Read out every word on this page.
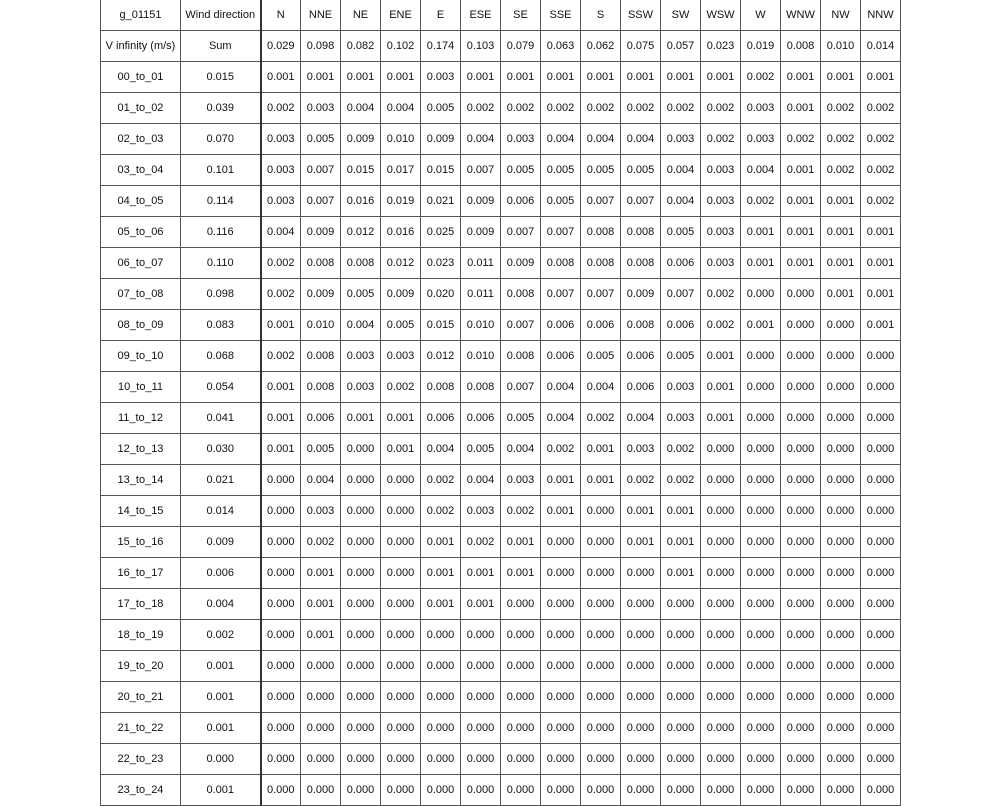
g_01151	Wind direction	N	NNE	NE	ENE	E	ESE	SE	SSE	S	SSW	SW	WSW	W	WNW	NW	NNW
V infinity (m/s)	Sum	0.029	0.098	0.082	0.102	0.174	0.103	0.079	0.063	0.062	0.075	0.057	0.023	0.019	0.008	0.010	0.014
00_to_01	0.015	0.001	0.001	0.001	0.001	0.003	0.001	0.001	0.001	0.001	0.001	0.001	0.001	0.002	0.001	0.001	0.001
01_to_02	0.039	0.002	0.003	0.004	0.004	0.005	0.002	0.002	0.002	0.002	0.002	0.002	0.002	0.003	0.001	0.002	0.002
02_to_03	0.070	0.003	0.005	0.009	0.010	0.009	0.004	0.003	0.004	0.004	0.004	0.003	0.002	0.003	0.002	0.002	0.002
03_to_04	0.101	0.003	0.007	0.015	0.017	0.015	0.007	0.005	0.005	0.005	0.005	0.004	0.003	0.004	0.001	0.002	0.002
04_to_05	0.114	0.003	0.007	0.016	0.019	0.021	0.009	0.006	0.005	0.007	0.007	0.004	0.003	0.002	0.001	0.001	0.002
05_to_06	0.116	0.004	0.009	0.012	0.016	0.025	0.009	0.007	0.007	0.008	0.008	0.005	0.003	0.001	0.001	0.001	0.001
06_to_07	0.110	0.002	0.008	0.008	0.012	0.023	0.011	0.009	0.008	0.008	0.008	0.006	0.003	0.001	0.001	0.001	0.001
07_to_08	0.098	0.002	0.009	0.005	0.009	0.020	0.011	0.008	0.007	0.007	0.009	0.007	0.002	0.000	0.000	0.001	0.001
08_to_09	0.083	0.001	0.010	0.004	0.005	0.015	0.010	0.007	0.006	0.006	0.008	0.006	0.002	0.001	0.000	0.000	0.001
09_to_10	0.068	0.002	0.008	0.003	0.003	0.012	0.010	0.008	0.006	0.005	0.006	0.005	0.001	0.000	0.000	0.000	0.000
10_to_11	0.054	0.001	0.008	0.003	0.002	0.008	0.008	0.007	0.004	0.004	0.006	0.003	0.001	0.000	0.000	0.000	0.000
11_to_12	0.041	0.001	0.006	0.001	0.001	0.006	0.006	0.005	0.004	0.002	0.004	0.003	0.001	0.000	0.000	0.000	0.000
12_to_13	0.030	0.001	0.005	0.000	0.001	0.004	0.005	0.004	0.002	0.001	0.003	0.002	0.000	0.000	0.000	0.000	0.000
13_to_14	0.021	0.000	0.004	0.000	0.000	0.002	0.004	0.003	0.001	0.001	0.002	0.002	0.000	0.000	0.000	0.000	0.000
14_to_15	0.014	0.000	0.003	0.000	0.000	0.002	0.003	0.002	0.001	0.000	0.001	0.001	0.000	0.000	0.000	0.000	0.000
15_to_16	0.009	0.000	0.002	0.000	0.000	0.001	0.002	0.001	0.000	0.000	0.001	0.001	0.000	0.000	0.000	0.000	0.000
16_to_17	0.006	0.000	0.001	0.000	0.000	0.001	0.001	0.001	0.000	0.000	0.000	0.001	0.000	0.000	0.000	0.000	0.000
17_to_18	0.004	0.000	0.001	0.000	0.000	0.001	0.001	0.000	0.000	0.000	0.000	0.000	0.000	0.000	0.000	0.000	0.000
18_to_19	0.002	0.000	0.001	0.000	0.000	0.000	0.000	0.000	0.000	0.000	0.000	0.000	0.000	0.000	0.000	0.000	0.000
19_to_20	0.001	0.000	0.000	0.000	0.000	0.000	0.000	0.000	0.000	0.000	0.000	0.000	0.000	0.000	0.000	0.000	0.000
20_to_21	0.001	0.000	0.000	0.000	0.000	0.000	0.000	0.000	0.000	0.000	0.000	0.000	0.000	0.000	0.000	0.000	0.000
21_to_22	0.001	0.000	0.000	0.000	0.000	0.000	0.000	0.000	0.000	0.000	0.000	0.000	0.000	0.000	0.000	0.000	0.000
22_to_23	0.000	0.000	0.000	0.000	0.000	0.000	0.000	0.000	0.000	0.000	0.000	0.000	0.000	0.000	0.000	0.000	0.000
23_to_24	0.001	0.000	0.000	0.000	0.000	0.000	0.000	0.000	0.000	0.000	0.000	0.000	0.000	0.000	0.000	0.000	0.000
